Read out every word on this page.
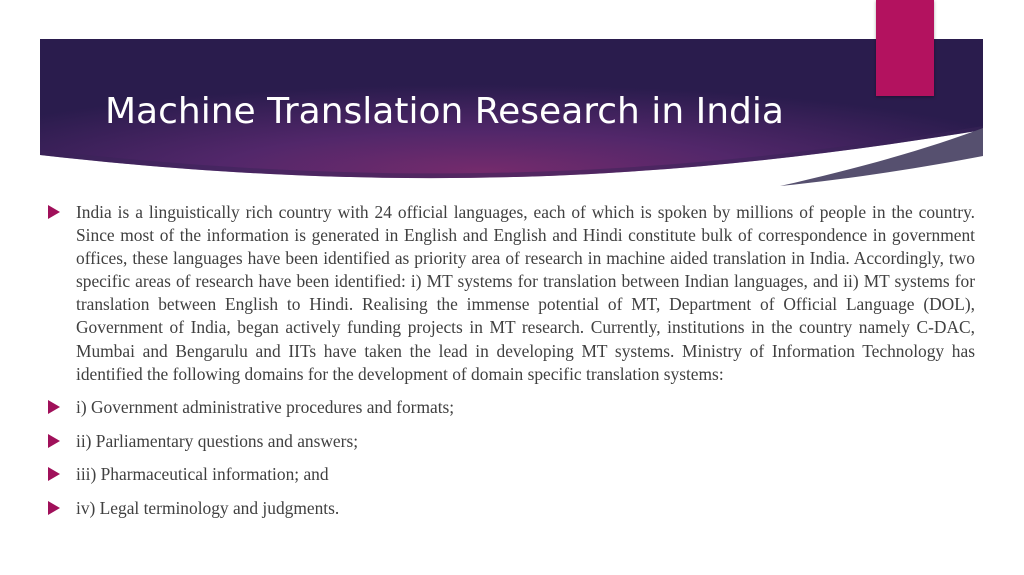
Machine Translation Research in India
India is a linguistically rich country with 24 official languages, each of which is spoken by millions of people in the country. Since most of the information is generated in English and English and Hindi constitute bulk of correspondence in government offices, these languages have been identified as priority area of research in machine aided translation in India. Accordingly, two specific areas of research have been identified: i) MT systems for translation between Indian languages, and ii) MT systems for translation between English to Hindi. Realising the immense potential of MT, Department of Official Language (DOL), Government of India, began actively funding projects in MT research. Currently, institutions in the country namely C-DAC, Mumbai and Bengarulu and IITs have taken the lead in developing MT systems. Ministry of Information Technology has identified the following domains for the development of domain specific translation systems:
i) Government administrative procedures and formats;
ii) Parliamentary questions and answers;
iii) Pharmaceutical information; and
iv) Legal terminology and judgments.
